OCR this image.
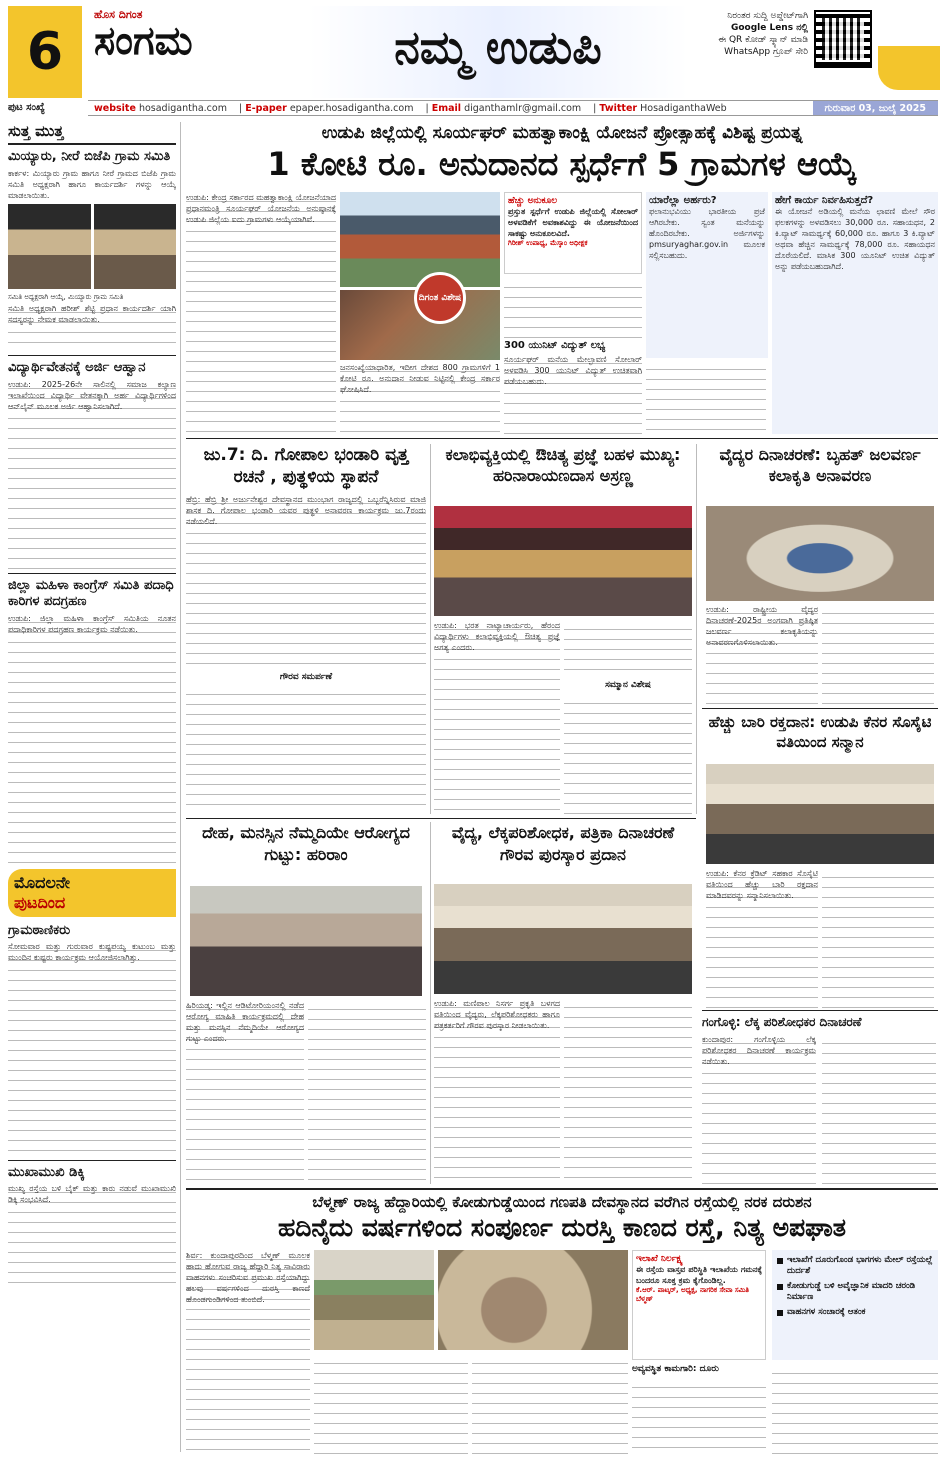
6
ಹೊಸ ದಿಗಂತ
ಸಂಗಮ	ನಮ್ಮ ಉಡುಪಿ
ನಿರಂತರ ಸುದ್ದಿ ಅಪ್ಡೇಟ್‌ಗಾಗಿ
Google Lens ನಲ್ಲಿ
ಈ QR ಕೋಡ್ ಸ್ಕ್ಯಾನ್ ಮಾಡಿ
WhatsApp ಗ್ರೂಪ್ ಸೇರಿ
ಪುಟ ಸಂಖ್ಯೆ	website hosadigantha.com	| E-paper epaper.hosadigantha.com	| Email diganthamlr@gmail.com	| Twitter HosadiganthaWeb	ಗುರುವಾರ 03, ಜುಲೈ 2025
ಸುತ್ತ ಮುತ್ತ
ಮಿಯ್ಯಾರು, ನೀರೆ ಬಿಜೆಪಿ ಗ್ರಾಮ ಸಮಿತಿ
ಕಾರ್ಕಳ: ಮಿಯ್ಯಾರು ಗ್ರಾಮ ಹಾಗೂ ನೀರೆ ಗ್ರಾಮದ ಬಿಜೆಪಿ ಗ್ರಾಮ ಸಮಿತಿ ಅಧ್ಯಕ್ಷರಾಗಿ ಹಾಗೂ ಕಾರ್ಯದರ್ಶಿ ಗಳನ್ನು ಆಯ್ಕೆ ಮಾಡಲಾಯಿತು.
ಸಮಿತಿ ಅಧ್ಯಕ್ಷರಾಗಿ ಆಯ್ಕೆ, ಮಿಯ್ಯಾರು ಗ್ರಾಮ ಸಮಿತಿ
ಸಮಿತಿ ಅಧ್ಯಕ್ಷರಾಗಿ ಹರೀಶ್ ಶೆಟ್ಟಿ ಪ್ರಧಾನ ಕಾರ್ಯದರ್ಶಿ ಯಾಗಿ ಸದಸ್ಯರನ್ನು ನೇಮಕ ಮಾಡಲಾಯಿತು.
ವಿದ್ಯಾರ್ಥಿವೇತನಕ್ಕೆ ಅರ್ಜಿ ಆಹ್ವಾನ
ಉಡುಪಿ: 2025-26ನೇ ಸಾಲಿನಲ್ಲಿ ಸಮಾಜ ಕಲ್ಯಾಣ ಇಲಾಖೆಯಿಂದ ವಿದ್ಯಾರ್ಥಿ ವೇತನಕ್ಕಾಗಿ ಅರ್ಹ ವಿದ್ಯಾರ್ಥಿಗಳಿಂದ ಆನ್‌ಲೈನ್ ಮೂಲಕ ಅರ್ಜಿ ಆಹ್ವಾನಿಸಲಾಗಿದೆ.
ಜಿಲ್ಲಾ ಮಹಿಳಾ ಕಾಂಗ್ರೆಸ್ ಸಮಿತಿ ಪದಾಧಿ ಕಾರಿಗಳ ಪದಗ್ರಹಣ
ಉಡುಪಿ: ಜಿಲ್ಲಾ ಮಹಿಳಾ ಕಾಂಗ್ರೆಸ್ ಸಮಿತಿಯ ನೂತನ ಪದಾಧಿಕಾರಿಗಳ ಪದಗ್ರಹಣ ಕಾರ್ಯಕ್ರಮ ನಡೆಯಿತು.
ಮೊದಲನೇ
ಪುಟದಿಂದ
ಗ್ರಾಮಠಾಣಿಕರು
ಸೋಮವಾರ ಮತ್ತು ಗುರುವಾರ ಕುಷ್ಟಪಯ್ಯ ಕುಟುಂಬ ಮತ್ತು ಮುಂದಿನ ಕುಷ್ಟರು ಕಾರ್ಯಕ್ರಮ ಆಯೋಜಿಸಲಾಗಿತ್ತು.
ಮುಖಾಮುಖಿ ಡಿಕ್ಕಿ
ಮುಖ್ಯ ರಸ್ತೆಯ ಬಳಿ ಬೈಕ್ ಮತ್ತು ಕಾರು ನಡುವೆ ಮುಖಾಮುಖಿ ಡಿಕ್ಕಿ ಸಂಭವಿಸಿದೆ.
ಉಡುಪಿ ಜಿಲ್ಲೆಯಲ್ಲಿ ಸೂರ್ಯಘರ್ ಮಹತ್ವಾಕಾಂಕ್ಷಿ ಯೋಜನೆ ಪ್ರೋತ್ಸಾಹಕ್ಕೆ ವಿಶಿಷ್ಟ ಪ್ರಯತ್ನ
1 ಕೋಟಿ ರೂ. ಅನುದಾನದ ಸ್ಪರ್ಧೆಗೆ 5 ಗ್ರಾಮಗಳ ಆಯ್ಕೆ
ಉಡುಪಿ: ಕೇಂದ್ರ ಸರ್ಕಾರದ ಮಹತ್ವಾಕಾಂಕ್ಷಿ ಯೋಜನೆಯಾದ ಪ್ರಧಾನಮಂತ್ರಿ ಸೂರ್ಯಘರ್ ಯೋಜನೆಯ ಅನುಷ್ಠಾನಕ್ಕೆ ಉಡುಪಿ ಜಿಲ್ಲೆಯ ಐದು ಗ್ರಾಮಗಳು ಆಯ್ಕೆಯಾಗಿವೆ.
ದಿಗಂತ ವಿಶೇಷ
ಜನಸಂಖ್ಯೆಯಾಧಾರಿತ, ಇದೀಗ ದೇಶದ 800 ಗ್ರಾಮಗಳಿಗೆ 1 ಕೋಟಿ ರೂ. ಅನುದಾನ ನೀಡುವ ನಿಟ್ಟಿನಲ್ಲಿ ಕೇಂದ್ರ ಸರ್ಕಾರ ಘೋಷಿಸಿದೆ.
ಹೆಚ್ಚು ಅನುಕೂಲ
ಪ್ರಸ್ತುತ ಸ್ಪರ್ಧೆಗೆ ಉಡುಪಿ ಜಿಲ್ಲೆಯಲ್ಲಿ ಸೋಲಾರ್ ಅಳವಡಿಕೆಗೆ ಅವಕಾಶವಿದ್ದು ಈ ಯೋಜನೆಯಿಂದ ಸಾಕಷ್ಟು ಅನುಕೂಲವಿದೆ.
ಗಿರೀಶ್ ಉಪಾಧ್ಯ, ಮೆಸ್ಕಾಂ ಅಧೀಕ್ಷಕ
300 ಯುನಿಟ್ ವಿದ್ಯುತ್ ಲಭ್ಯ
ಸೂರ್ಯಘರ್ ಮನೆಯ ಮೇಲ್ಛಾವಣಿ ಸೋಲಾರ್ ಅಳವಡಿಸಿ 300 ಯುನಿಟ್ ವಿದ್ಯುತ್ ಉಚಿತವಾಗಿ ಪಡೆಯಬಹುದು.
ಯಾರೆಲ್ಲಾ ಅರ್ಹರು?
ಫಲಾನುಭವಿಯು ಭಾರತೀಯ ಪ್ರಜೆ ಆಗಿರಬೇಕು. ಸ್ವಂತ ಮನೆಯನ್ನು ಹೊಂದಿರಬೇಕು. ಅರ್ಜಿಗಳನ್ನು pmsuryaghar.gov.in ಮೂಲಕ ಸಲ್ಲಿಸಬಹುದು.
ಹೇಗೆ ಕಾರ್ಯ ನಿರ್ವಹಿಸುತ್ತದೆ?
ಈ ಯೋಜನೆ ಅಡಿಯಲ್ಲಿ ಮನೆಯ ಛಾವಣಿ ಮೇಲೆ ಸೌರ ಫಲಕಗಳನ್ನು ಅಳವಡಿಸಲು 30,000 ರೂ. ಸಹಾಯಧನ, 2 ಕಿ.ವ್ಯಾಟ್ ಸಾಮರ್ಥ್ಯಕ್ಕೆ 60,000 ರೂ. ಹಾಗೂ 3 ಕಿ.ವ್ಯಾಟ್ ಅಥವಾ ಹೆಚ್ಚಿನ ಸಾಮರ್ಥ್ಯಕ್ಕೆ 78,000 ರೂ. ಸಹಾಯಧನ ದೊರೆಯಲಿದೆ. ಮಾಸಿಕ 300 ಯೂನಿಟ್ ಉಚಿತ ವಿದ್ಯುತ್ ಅನ್ನು ಪಡೆಯಬಹುದಾಗಿದೆ.
ಜು.7: ದಿ. ಗೋಪಾಲ ಭಂಡಾರಿ ವೃತ್ತ ರಚನೆ , ಪುತ್ಥಳಿಯ ಸ್ಥಾಪನೆ
ಹೆಬ್ರಿ: ಹೆಬ್ರಿ ಶ್ರೀ ಅರ್ಜುನೇಶ್ವರ ದೇವಸ್ಥಾನದ ಮುಂಭಾಗ ರಾಜ್ಯದಲ್ಲಿ ಒಬ್ಬರೆನ್ನಿಸಿರುವ ಮಾಜಿ ಶಾಸಕ ದಿ. ಗೋಪಾಲ ಭಂಡಾರಿ ಯವರ ಪುತ್ಥಳಿ ಅನಾವರಣ ಕಾರ್ಯಕ್ರಮ ಜು.7ರಂದು ನಡೆಯಲಿದೆ.
ಗೌರವ ಸಮರ್ಪಣೆ
ಕಲಾಭಿವ್ಯಕ್ತಿಯಲ್ಲಿ ಔಚಿತ್ಯ ಪ್ರಜ್ಞೆ ಬಹಳ ಮುಖ್ಯ: ಹರಿನಾರಾಯಣದಾಸ ಅಸ್ರಣ್ಣ
ಉಡುಪಿ: ಭರತ ನಾಟ್ಯಾಚಾರ್ಯರು, ಹೆರಂದ ವಿದ್ಯಾರ್ಥಿಗಳು ಕಲಾಭಿವ್ಯಕ್ತಿಯಲ್ಲಿ ಔಚಿತ್ಯ ಪ್ರಜ್ಞೆ ಅಗತ್ಯ ಎಂದರು.
ಸಮ್ಮಾನ ವಿಶೇಷ
ವೈದ್ಯರ ದಿನಾಚರಣೆ: ಬೃಹತ್ ಜಲವರ್ಣ ಕಲಾಕೃತಿ ಅನಾವರಣ
ಉಡುಪಿ: ರಾಷ್ಟ್ರೀಯ ವೈದ್ಯರ ದಿನಾಚರಣೆ-2025ರ ಅಂಗವಾಗಿ ಪ್ರತಿಷ್ಠಿತ ಜಲವರ್ಣ ಕಲಾಕೃತಿಯನ್ನು ಅನಾವರಣಗೊಳಿಸಲಾಯಿತು.
ದೇಹ, ಮನಸ್ಸಿನ ನೆಮ್ಮದಿಯೇ ಆರೋಗ್ಯದ ಗುಟ್ಟು: ಹರಿರಾಂ
ಹಿರಿಯಡ್ಕ: ಇಲ್ಲಿನ ಆಡಿಟೋರಿಯಂನಲ್ಲಿ ನಡೆದ ಆರೋಗ್ಯ ಮಾಹಿತಿ ಕಾರ್ಯಕ್ರಮದಲ್ಲಿ ದೇಹ ಮತ್ತು ಮನಸ್ಸಿನ ನೆಮ್ಮದಿಯೇ ಆರೋಗ್ಯದ ಗುಟ್ಟು ಎಂದರು.
ವೈದ್ಯ, ಲೆಕ್ಕಪರಿಶೋಧಕ, ಪತ್ರಿಕಾ ದಿನಾಚರಣೆ ಗೌರವ ಪುರಸ್ಕಾರ ಪ್ರದಾನ
ಉಡುಪಿ: ಮಣಿಪಾಲ ನಿಸರ್ಗ ಪ್ರಕೃತಿ ಬಳಗದ ವತಿಯಿಂದ ವೈದ್ಯರು, ಲೆಕ್ಕಪರಿಶೋಧಕರು ಹಾಗೂ ಪತ್ರಕರ್ತರಿಗೆ ಗೌರವ ಪುರಸ್ಕಾರ ನೀಡಲಾಯಿತು.
ಹೆಚ್ಚು ಬಾರಿ ರಕ್ತದಾನ: ಉಡುಪಿ ಕೆನರ ಸೊಸೈಟಿ ವತಿಯಿಂದ ಸನ್ಮಾನ
ಉಡುಪಿ: ಕೆನರ ಕ್ರೆಡಿಟ್ ಸಹಕಾರ ಸೊಸೈಟಿ ವತಿಯಿಂದ ಹೆಚ್ಚು ಬಾರಿ ರಕ್ತದಾನ ಮಾಡಿದವರನ್ನು ಸನ್ಮಾನಿಸಲಾಯಿತು.
ಗಂಗೊಳ್ಳಿ: ಲೆಕ್ಕ ಪರಿಶೋಧಕರ ದಿನಾಚರಣೆ
ಕುಂದಾಪುರ: ಗಂಗೊಳ್ಳಿಯ ಲೆಕ್ಕ ಪರಿಶೋಧಕರ ದಿನಾಚರಣೆ ಕಾರ್ಯಕ್ರಮ ನಡೆಯಿತು.
ಬೆಳ್ಮಣ್ ರಾಜ್ಯ ಹೆದ್ದಾರಿಯಲ್ಲಿ ಕೋಡುಗುಡ್ಡೆಯಿಂದ ಗಣಪತಿ ದೇವಸ್ಥಾನದ ವರೆಗಿನ ರಸ್ತೆಯಲ್ಲಿ ನರಕ ದರುಶನ
ಹದಿನೈದು ವರ್ಷಗಳಿಂದ ಸಂಪೂರ್ಣ ದುರಸ್ತಿ ಕಾಣದ ರಸ್ತೆ, ನಿತ್ಯ ಅಪಘಾತ
ಶಿರ್ವ: ಕುಂದಾಪುರದಿಂದ ಬೆಳ್ಮಣ್ ಮೂಲಕ ಹಾದು ಹೋಗುವ ರಾಜ್ಯ ಹೆದ್ದಾರಿ ನಿತ್ಯ ಸಾವಿರಾರು ವಾಹನಗಳು ಸಂಚರಿಸುವ ಪ್ರಮುಖ ರಸ್ತೆಯಾಗಿದ್ದು ಹಲವು ವರ್ಷಗಳಿಂದ ದುರಸ್ತಿ ಕಾಣದೆ ಹೊಂಡಗುಂಡಿಗಳಿಂದ ತುಂಬಿದೆ.
ಇಲಾಖೆ ನಿರ್ಲಕ್ಷ್ಯ
ಈ ರಸ್ತೆಯ ವಾಸ್ತವ ಪರಿಸ್ಥಿತಿ ಇಲಾಖೆಯ ಗಮನಕ್ಕೆ ಬಂದರೂ ಸೂಕ್ತ ಕ್ರಮ ಕೈಗೊಂಡಿಲ್ಲ.
ಕೆ.ಆರ್. ಪಾಟ್ಕರ್, ಅಧ್ಯಕ್ಷ, ನಾಗರಿಕ ಸೇವಾ ಸಮಿತಿ ಬೆಳ್ಮಣ್
ಅವ್ಯವಸ್ಥಿತ ಕಾಮಗಾರಿ: ದೂರು
ಇಲಾಖೆಗೆ ದೂರುಗೊಂಡ ಭಾಗಗಳು ಮೇಲ್‌ ರಸ್ತೆಯಲ್ಲೆ ದುರ್ದಶೆ
ಕೋಡುಗುಡ್ಡೆ ಬಳಿ ಅವೈಜ್ಞಾನಿಕ ಮಾದರಿ ಚರಂಡಿ ನಿರ್ಮಾಣ
ವಾಹನಗಳ ಸಂಚಾರಕ್ಕೆ ಆತಂಕ
